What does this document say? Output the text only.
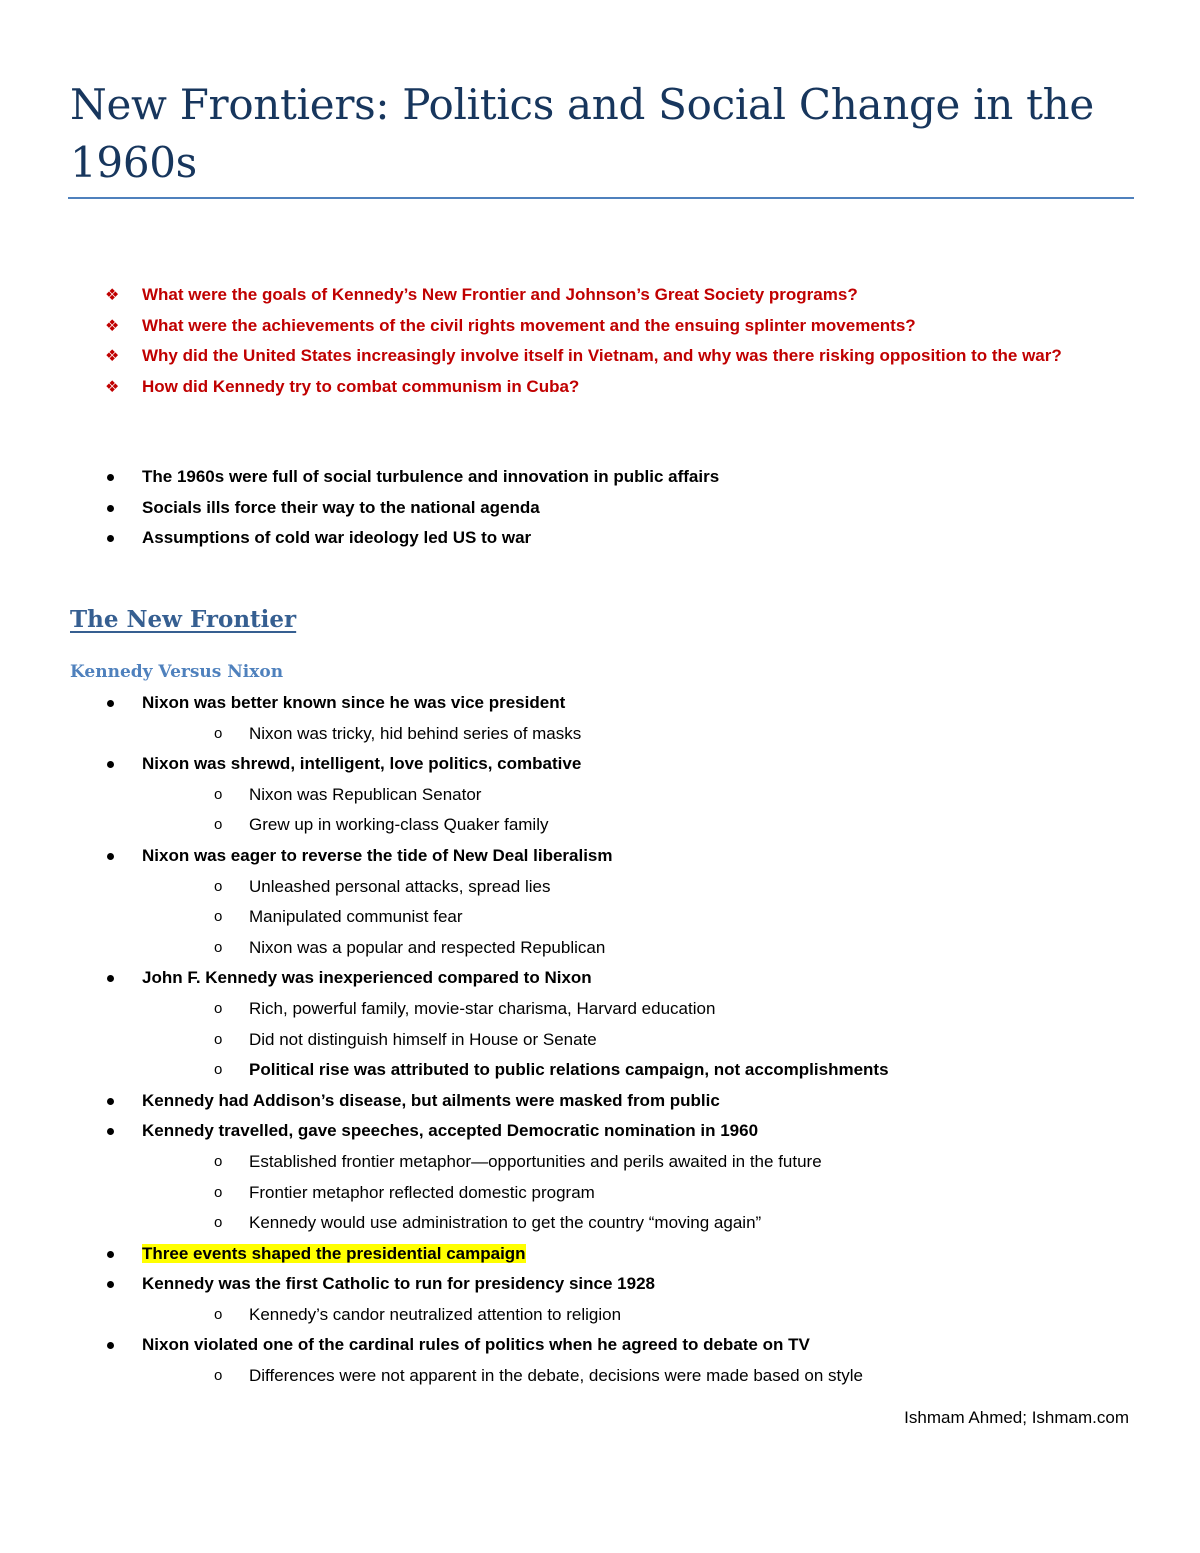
New Frontiers: Politics and Social Change in the 1960s
❖ What were the goals of Kennedy’s New Frontier and Johnson’s Great Society programs?
❖ What were the achievements of the civil rights movement and the ensuing splinter movements?
❖ Why did the United States increasingly involve itself in Vietnam, and why was there risking opposition to the war?
❖ How did Kennedy try to combat communism in Cuba?
The 1960s were full of social turbulence and innovation in public affairs
Socials ills force their way to the national agenda
Assumptions of cold war ideology led US to war
The New Frontier
Kennedy Versus Nixon
Nixon was better known since he was vice president
o	Nixon was tricky, hid behind series of masks
Nixon was shrewd, intelligent, love politics, combative
o	Nixon was Republican Senator
o	Grew up in working-class Quaker family
Nixon was eager to reverse the tide of New Deal liberalism
o	Unleashed personal attacks, spread lies
o	Manipulated communist fear
o	Nixon was a popular and respected Republican
John F. Kennedy was inexperienced compared to Nixon
o	Rich, powerful family, movie-star charisma, Harvard education
o	Did not distinguish himself in House or Senate
o	Political rise was attributed to public relations campaign, not accomplishments
Kennedy had Addison’s disease, but ailments were masked from public
Kennedy travelled, gave speeches, accepted Democratic nomination in 1960
o	Established frontier metaphor—opportunities and perils awaited in the future
o	Frontier metaphor reflected domestic program
o	Kennedy would use administration to get the country “moving again”
Three events shaped the presidential campaign
Kennedy was the first Catholic to run for presidency since 1928
o	Kennedy’s candor neutralized attention to religion
Nixon violated one of the cardinal rules of politics when he agreed to debate on TV
o	Differences were not apparent in the debate, decisions were made based on style

Ishmam Ahmed; Ishmam.com
